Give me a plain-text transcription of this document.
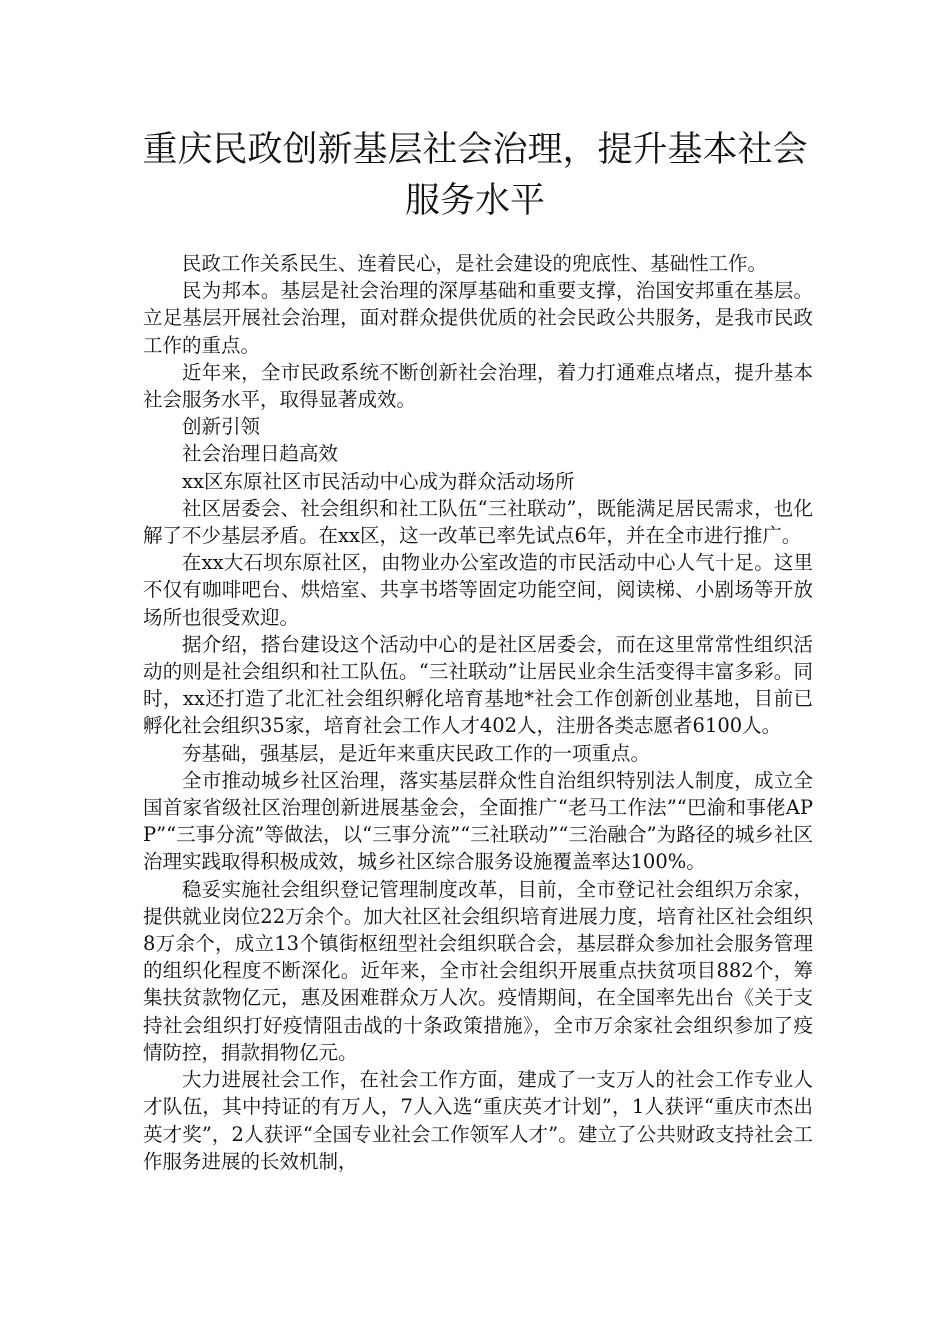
重庆民政创新基层社会治理，提升基本社会服务水平

民政工作关系民生、连着民心，是社会建设的兜底性、基础性工作。

民为邦本。基层是社会治理的深厚基础和重要支撑，治国安邦重在基层。立足基层开展社会治理，面对群众提供优质的社会民政公共服务，是我市民政工作的重点。

近年来，全市民政系统不断创新社会治理，着力打通难点堵点，提升基本社会服务水平，取得显著成效。

创新引领

社会治理日趋高效

xx区东原社区市民活动中心成为群众活动场所

社区居委会、社会组织和社工队伍“三社联动”，既能满足居民需求，也化解了不少基层矛盾。在xx区，这一改革已率先试点6年，并在全市进行推广。

在xx大石坝东原社区，由物业办公室改造的市民活动中心人气十足。这里不仅有咖啡吧台、烘焙室、共享书塔等固定功能空间，阅读梯、小剧场等开放场所也很受欢迎。

据介绍，搭台建设这个活动中心的是社区居委会，而在这里常常性组织活动的则是社会组织和社工队伍。“三社联动”让居民业余生活变得丰富多彩。同时，xx还打造了北汇社会组织孵化培育基地*社会工作创新创业基地，目前已孵化社会组织35家，培育社会工作人才402人，注册各类志愿者6100人。

夯基础，强基层，是近年来重庆民政工作的一项重点。

全市推动城乡社区治理，落实基层群众性自治组织特别法人制度，成立全国首家省级社区治理创新进展基金会，全面推广“老马工作法”“巴渝和事佬APP”“三事分流”等做法，以“三事分流”“三社联动”“三治融合”为路径的城乡社区治理实践取得积极成效，城乡社区综合服务设施覆盖率达100%。

稳妥实施社会组织登记管理制度改革，目前，全市登记社会组织万余家，提供就业岗位22万余个。加大社区社会组织培育进展力度，培育社区社会组织8万余个，成立13个镇街枢纽型社会组织联合会，基层群众参加社会服务管理的组织化程度不断深化。近年来，全市社会组织开展重点扶贫项目882个，筹集扶贫款物亿元，惠及困难群众万人次。疫情期间，在全国率先出台《关于支持社会组织打好疫情阻击战的十条政策措施》，全市万余家社会组织参加了疫情防控，捐款捐物亿元。

大力进展社会工作，在社会工作方面，建成了一支万人的社会工作专业人才队伍，其中持证的有万人，7人入选“重庆英才计划”，1人获评“重庆市杰出英才奖”，2人获评“全国专业社会工作领军人才”。建立了公共财政支持社会工作服务进展的长效机制，
